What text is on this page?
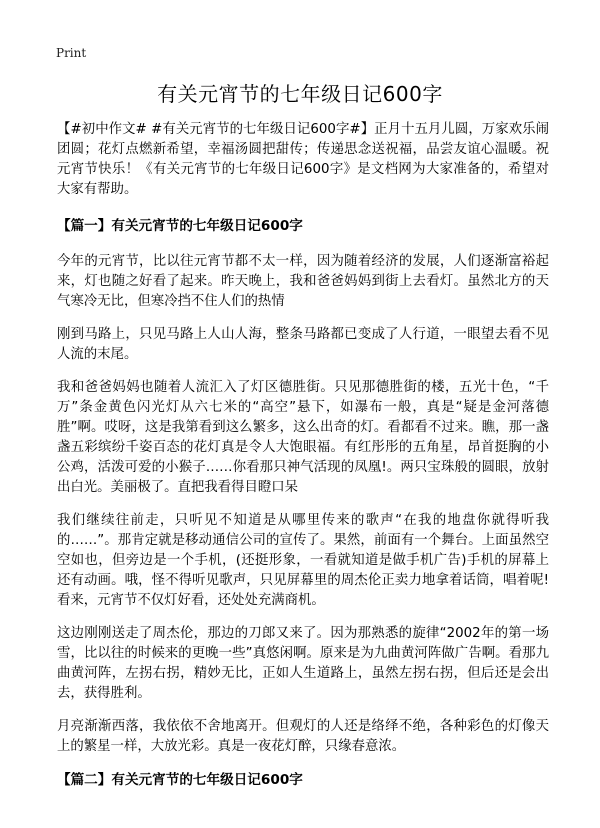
Print
有关元宵节的七年级日记600字

【#初中作文# #有关元宵节的七年级日记600字#】正月十五月儿圆，万家欢乐闹团圆；花灯点燃新希望，幸福汤圆把甜传；传递思念送祝福，品尝友谊心温暖。祝元宵节快乐！《有关元宵节的七年级日记600字》是文档网为大家准备的，希望对大家有帮助。

【篇一】有关元宵节的七年级日记600字

今年的元宵节，比以往元宵节都不太一样，因为随着经济的发展，人们逐渐富裕起来，灯也随之好看了起来。昨天晚上，我和爸爸妈妈到街上去看灯。虽然北方的天气寒冷无比，但寒冷挡不住人们的热情

刚到马路上，只见马路上人山人海，整条马路都已变成了人行道，一眼望去看不见人流的末尾。

我和爸爸妈妈也随着人流汇入了灯区德胜街。只见那德胜街的楼，五光十色，“千万”条金黄色闪光灯从六七米的“高空”悬下，如瀑布一般，真是“疑是金河落德胜”啊。哎呀，这是我第看到这么繁多，这么出奇的灯。看都看不过来。瞧，那一盏盏五彩缤纷千姿百态的花灯真是令人大饱眼福。有红彤彤的五角星，昂首挺胸的小公鸡，活泼可爱的小猴子……你看那只神气活现的凤凰!。两只宝珠般的圆眼，放射出白光。美丽极了。直把我看得目瞪口呆

我们继续往前走，只听见不知道是从哪里传来的歌声“在我的地盘你就得听我的……”。那肯定就是移动通信公司的宣传了。果然，前面有一个舞台。上面虽然空空如也，但旁边是一个手机，(还挺形象，一看就知道是做手机广告)手机的屏幕上还有动画。哦，怪不得听见歌声，只见屏幕里的周杰伦正卖力地拿着话筒，唱着呢!看来，元宵节不仅灯好看，还处处充满商机。

这边刚刚送走了周杰伦，那边的刀郎又来了。因为那熟悉的旋律“2002年的第一场雪，比以往的时候来的更晚一些”真悠闲啊。原来是为九曲黄河阵做广告啊。看那九曲黄河阵，左拐右拐，精妙无比，正如人生道路上，虽然左拐右拐，但后还是会出去，获得胜利。

月亮渐渐西落，我依依不舍地离开。但观灯的人还是络绎不绝，各种彩色的灯像天上的繁星一样，大放光彩。真是一夜花灯醉，只缘春意浓。

【篇二】有关元宵节的七年级日记600字
